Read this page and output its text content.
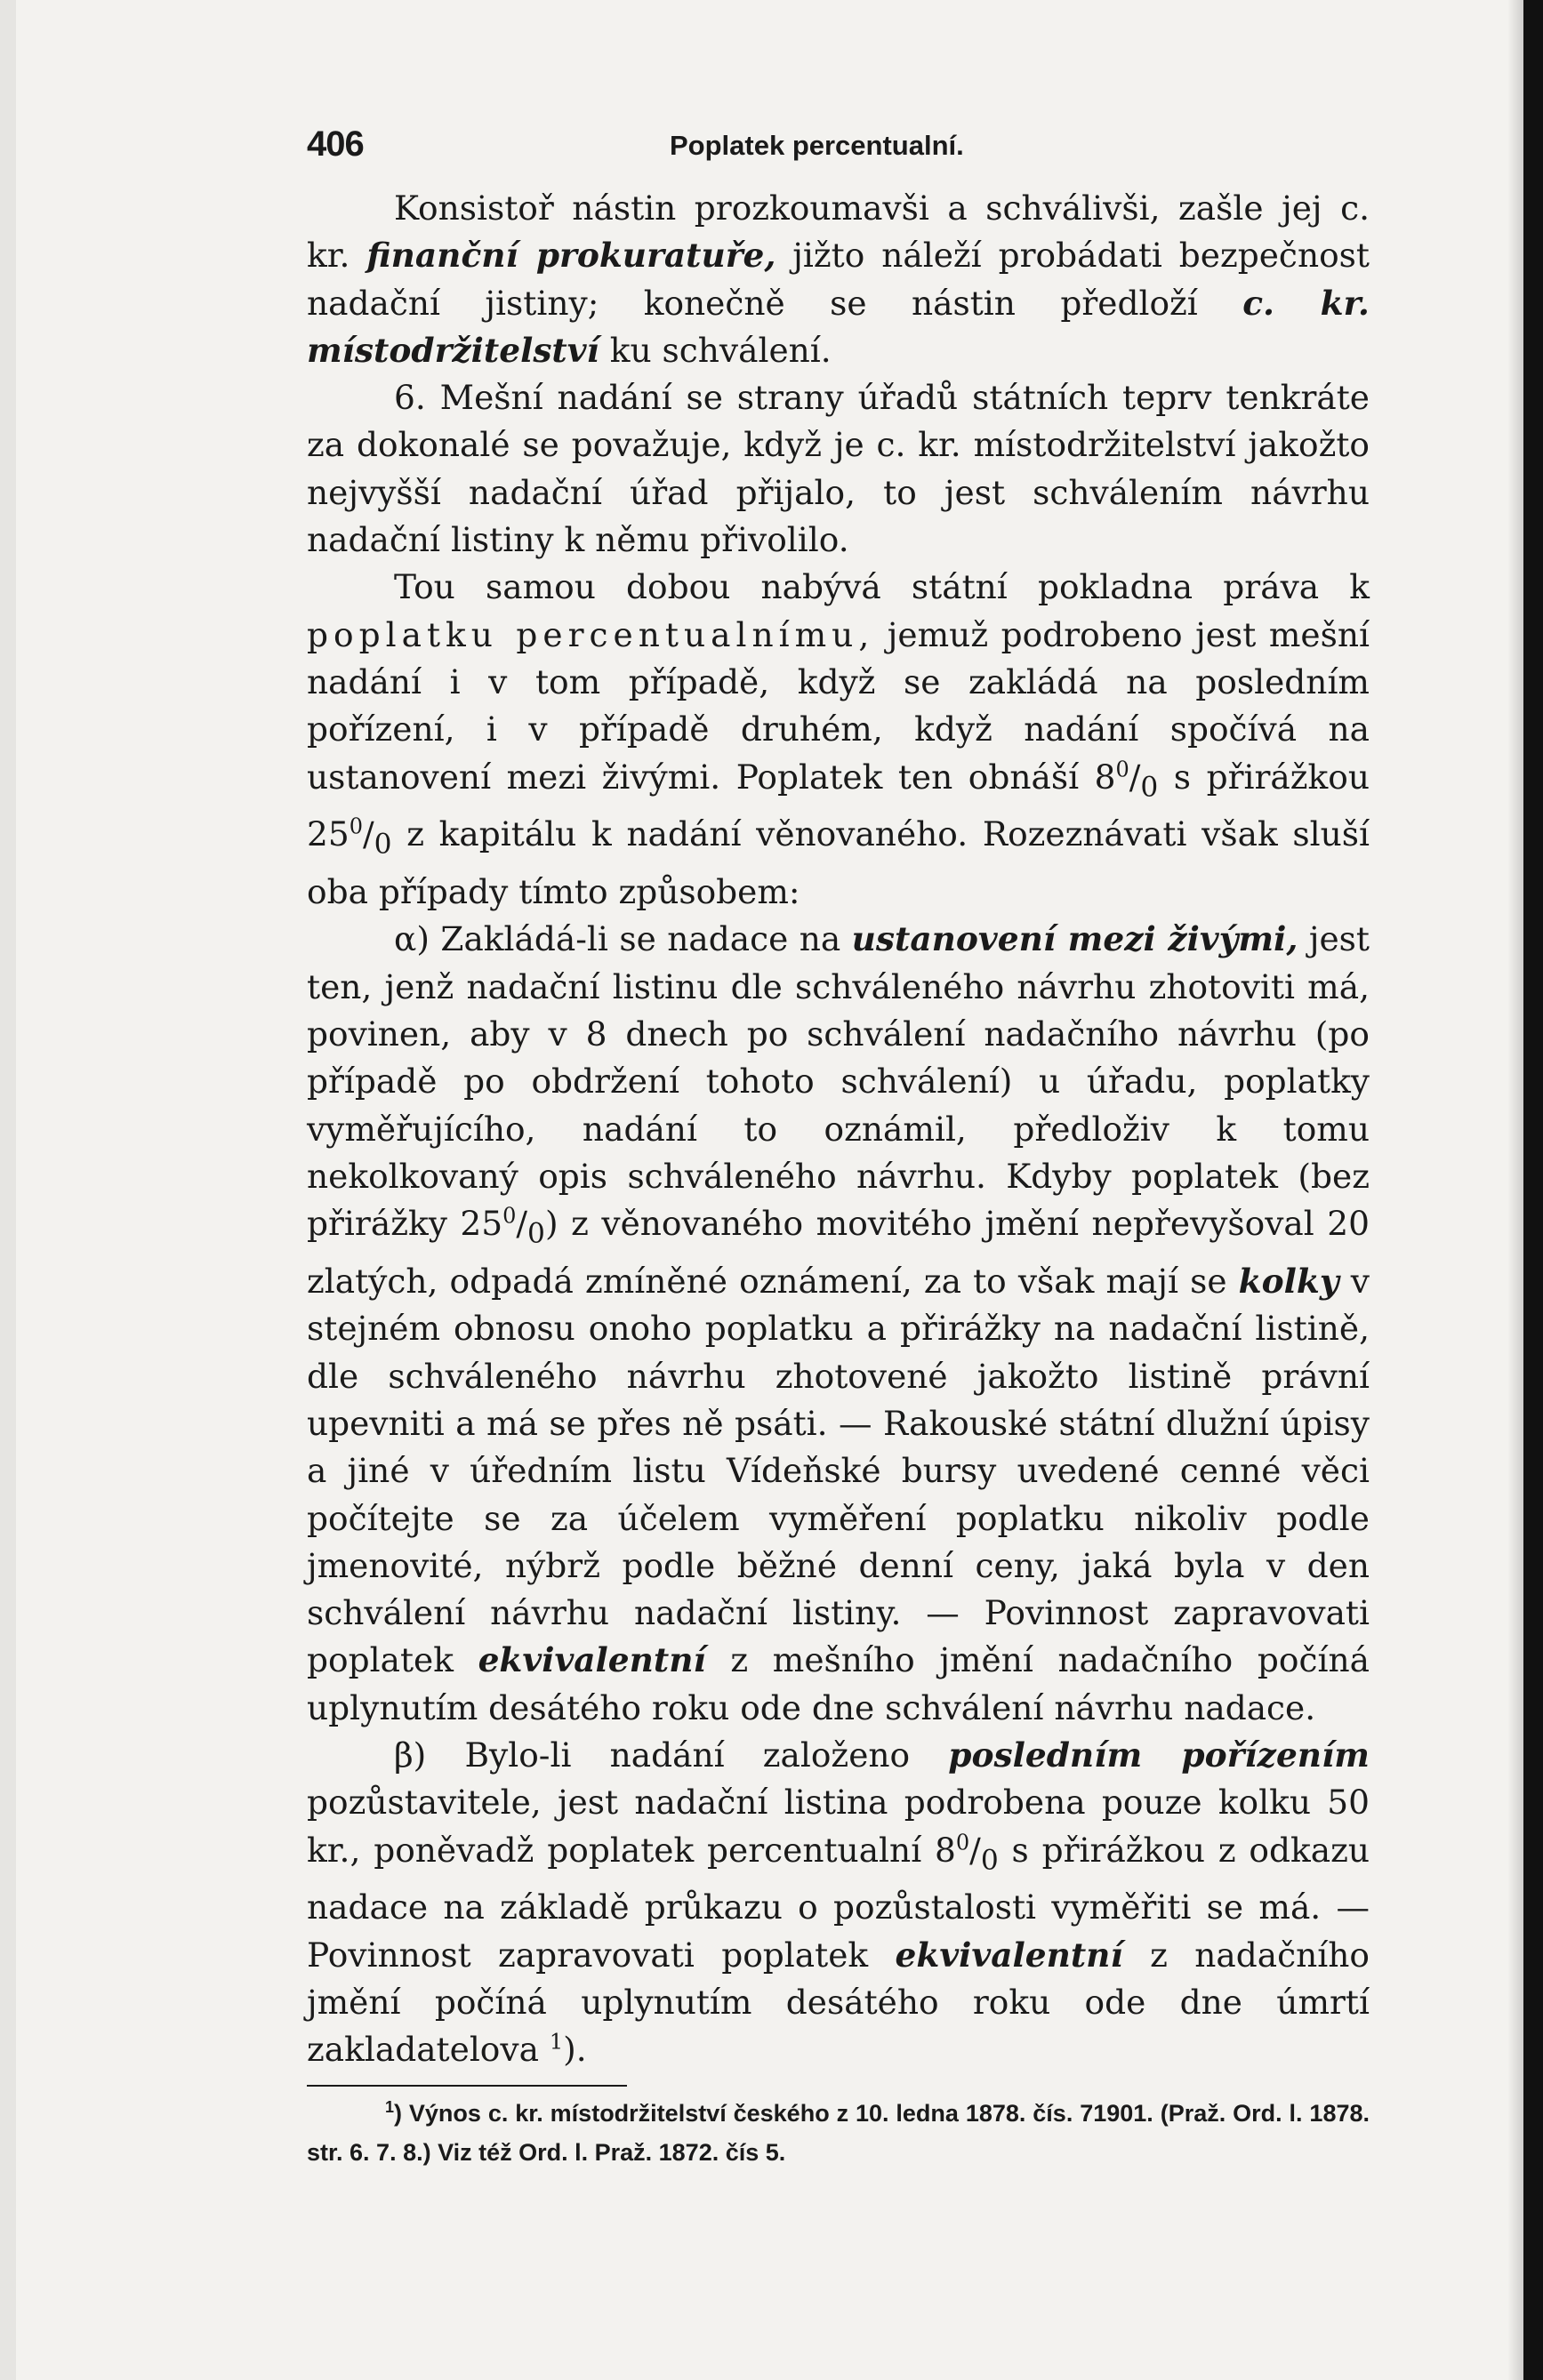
406	Poplatek percentualní.

Konsistoř nástin prozkoumavši a schválivši, zašle jej c. kr. finanční prokuratuře, jižto náleží probádati bezpečnost nadační jistiny; konečně se nástin předloží c. kr. místodržitelství ku schválení.

6. Mešní nadání se strany úřadů státních teprv tenkráte za dokonalé se považuje, když je c. kr. místodržitelství jakožto nejvyšší nadační úřad přijalo, to jest schválením návrhu nadační listiny k němu přivolilo.

Tou samou dobou nabývá státní pokladna práva k poplatku percentualnímu, jemuž podrobeno jest mešní nadání i v tom případě, když se zakládá na posledním pořízení, i v případě druhém, když nadání spočívá na ustanovení mezi živými. Poplatek ten obnáší $8^0/_0$ s přirážkou $25^0/_0$ z kapitálu k nadání věnovaného. Rozeznávati však sluší oba případy tímto způsobem:

α) Zakládá-li se nadace na ustanovení mezi živými, jest ten, jenž nadační listinu dle schváleného návrhu zhotoviti má, povinen, aby v 8 dnech po schválení nadačního návrhu (po případě po obdržení tohoto schválení) u úřadu, poplatky vyměřujícího, nadání to oznámil, předloživ k tomu nekolkovaný opis schváleného návrhu. Kdyby poplatek (bez přirážky $25^0/_0$) z věnovaného movitého jmění nepřevyšoval 20 zlatých, odpadá zmíněné oznámení, za to však mají se kolky v stejném obnosu onoho poplatku a přirážky na nadační listině, dle schváleného návrhu zhotovené jakožto listině právní upevniti a má se přes ně psáti. — Rakouské státní dlužní úpisy a jiné v úředním listu Vídeňské bursy uvedené cenné věci počítejte se za účelem vyměření poplatku nikoliv podle jmenovité, nýbrž podle běžné denní ceny, jaká byla v den schválení návrhu nadační listiny. — Povinnost zapravovati poplatek ekvivalentní z mešního jmění nadačního počíná uplynutím desátého roku ode dne schválení návrhu nadace.

β) Bylo-li nadání založeno posledním pořízením pozůstavitele, jest nadační listina podrobena pouze kolku 50 kr., poněvadž poplatek percentualní $8^0/_0$ s přirážkou z odkazu nadace na základě průkazu o pozůstalosti vyměřiti se má. — Povinnost zapravovati poplatek ekvivalentní z nadačního jmění počíná uplynutím desátého roku ode dne úmrtí zakladatelova $^1$).

$^1$) Výnos c. kr. místodržitelství českého z 10. ledna 1878. čís. 71901. (Praž. Ord. l. 1878. str. 6. 7. 8.) Viz též Ord. l. Praž. 1872. čís 5.
